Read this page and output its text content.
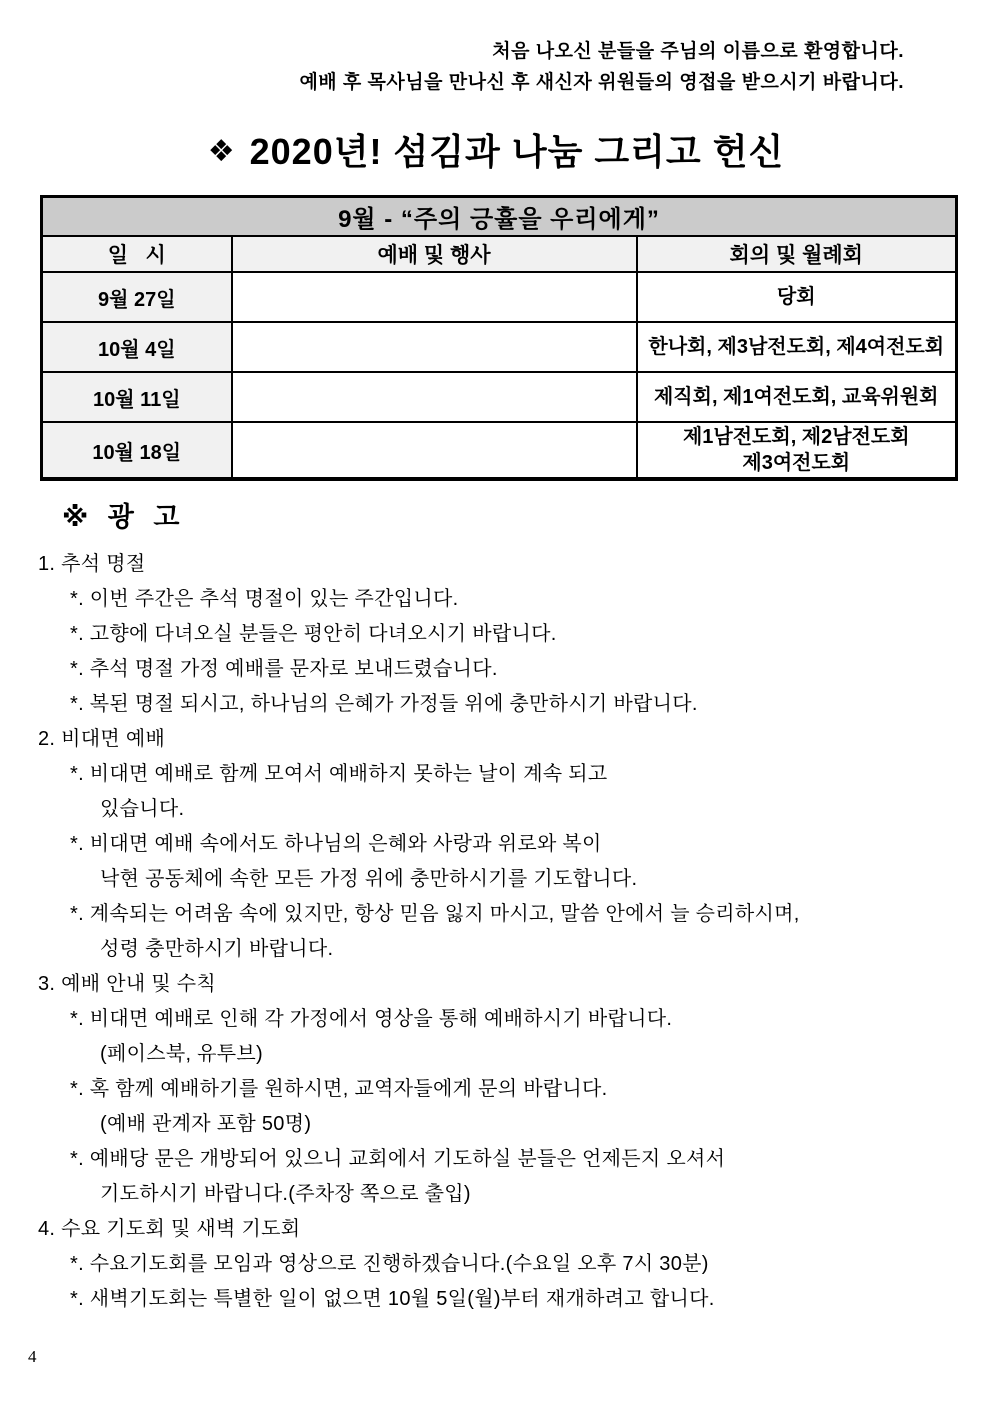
처음 나오신 분들을 주님의 이름으로 환영합니다.
예배 후 목사님을 만나신 후 새신자 위원들의 영접을 받으시기 바랍니다.
❖ 2020년! 섬김과 나눔 그리고 헌신
9월 - “주의 긍휼을 우리에게”		
일   시	예배 및 행사	회의 및 월례회
9월 27일		당회
10월 4일		한나회, 제3남전도회, 제4여전도회
10월 11일		제직회, 제1여전도회, 교육위원회
10월 18일		제1남전도회, 제2남전도회
제3여전도회
※ 광 고
1. 추석 명절
*. 이번 주간은 추석 명절이 있는 주간입니다.
*. 고향에 다녀오실 분들은 평안히 다녀오시기 바랍니다.
*. 추석 명절 가정 예배를 문자로 보내드렸습니다.
*. 복된 명절 되시고, 하나님의 은혜가 가정들 위에 충만하시기 바랍니다.
2. 비대면 예배
*. 비대면 예배로 함께 모여서 예배하지 못하는 날이 계속 되고
있습니다.
*. 비대면 예배 속에서도 하나님의 은혜와 사랑과 위로와 복이
낙현 공동체에 속한 모든 가정 위에 충만하시기를 기도합니다.
*. 계속되는 어려움 속에 있지만, 항상 믿음 잃지 마시고, 말씀 안에서 늘 승리하시며,
성령 충만하시기 바랍니다.
3. 예배 안내 및 수칙
*. 비대면 예배로 인해 각 가정에서 영상을 통해 예배하시기 바랍니다.
(페이스북, 유투브)
*. 혹 함께 예배하기를 원하시면, 교역자들에게 문의 바랍니다.
(예배 관계자 포함 50명)
*. 예배당 문은 개방되어 있으니 교회에서 기도하실 분들은 언제든지 오셔서
기도하시기 바랍니다.(주차장 쪽으로 출입)
4. 수요 기도회 및 새벽 기도회
*. 수요기도회를 모임과 영상으로 진행하겠습니다.(수요일 오후 7시 30분)
*. 새벽기도회는 특별한 일이 없으면 10월 5일(월)부터 재개하려고 합니다.
4
